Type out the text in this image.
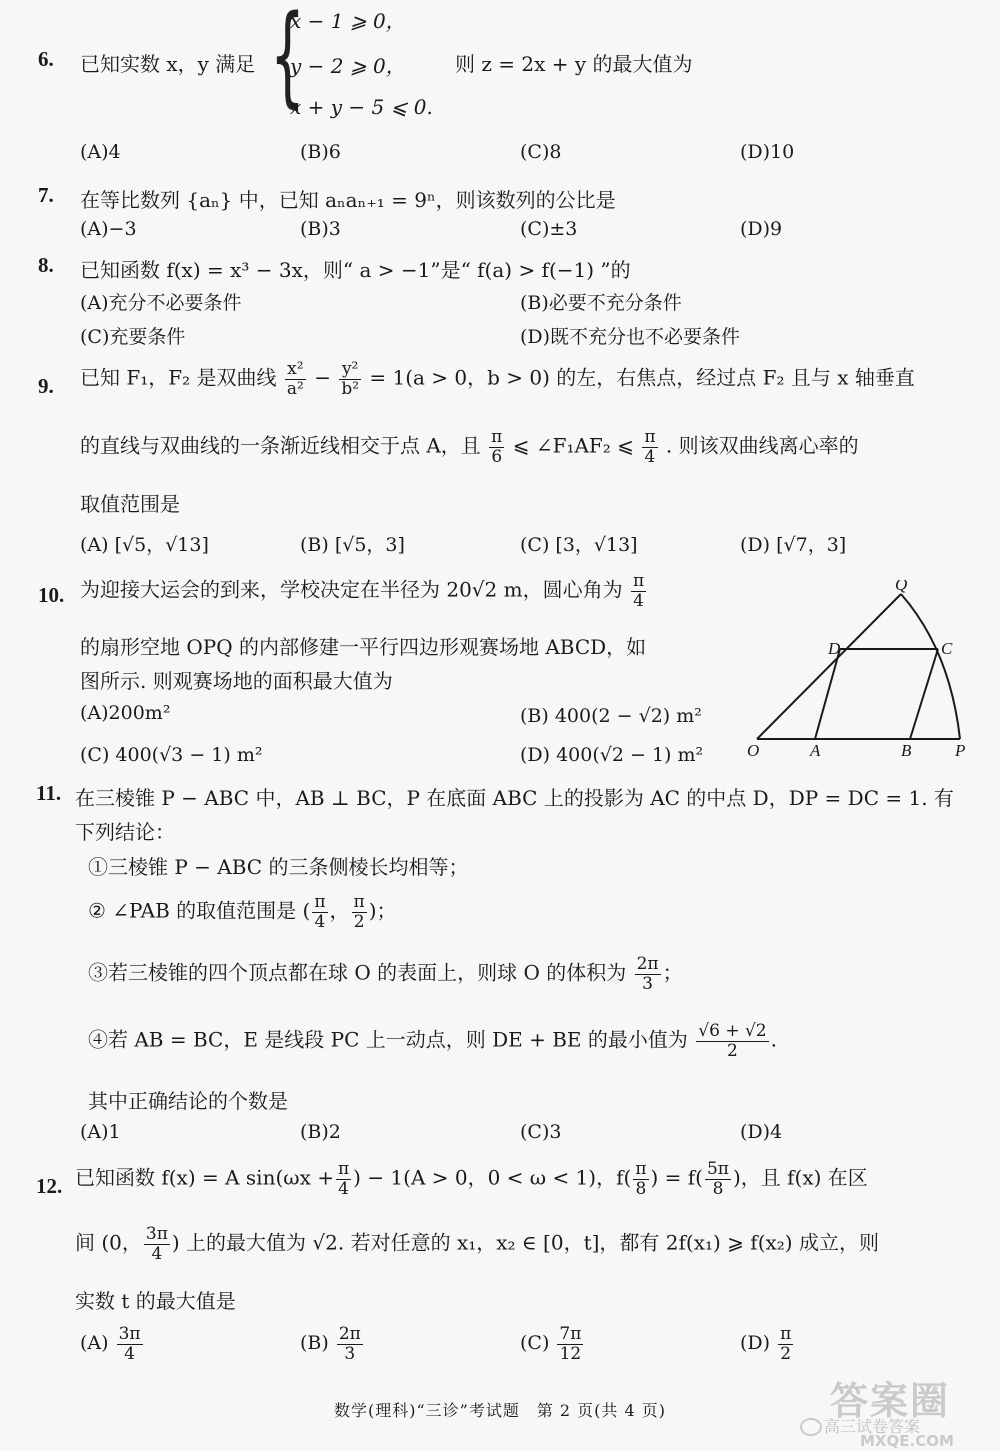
6. 已知实数 x，y 满足 {
x − 1 ⩾ 0，
y − 2 ⩾ 0，
x + y − 5 ⩽ 0.
则 z = 2x + y 的最大值为
(A)4	(B)6	(C)8	(D)10
7. 在等比数列 {aₙ} 中，已知 aₙaₙ₊₁ = 9ⁿ，则该数列的公比是
(A)−3	(B)3	(C)±3	(D)9
8. 已知函数 f(x) = x³ − 3x，则“ a > −1”是“ f(a) > f(−1) ”的
(A)充分不必要条件	(B)必要不充分条件
(C)充要条件	(D)既不充分也不必要条件
9. 已知 F₁，F₂ 是双曲线 $\frac{\text{x²}}{\text{a²}} - \frac{\text{y²}}{\text{b²}} = 1(a > 0$，b > 0) 的左，右焦点，经过点 F₂ 且与 x 轴垂直
的直线与双曲线的一条渐近线相交于点 A，且 $\frac{\pi}{6}$ ⩽ ∠F₁AF₂ ⩽ $\frac{\pi}{4}$ . 则该双曲线离心率的
取值范围是
(A) [√5，√13]	(B) [√5，3]	(C) [3，√13]	(D) [√7，3]
10. 为迎接大运会的到来，学校决定在半径为 20√2 m，圆心角为 $\frac{\pi}{4}$
的扇形空地 OPQ 的内部修建一平行四边形观赛场地 ABCD，如
图所示. 则观赛场地的面积最大值为
(A)200m²	(B) 400(2 − √2) m²
(C) 400(√3 − 1) m²	(D) 400(√2 − 1) m²
Q
D	C
O	A	B	P
11. 在三棱锥 P − ABC 中，AB ⊥ BC，P 在底面 ABC 上的投影为 AC 的中点 D，DP = DC = 1. 有
下列结论：
①三棱锥 P − ABC 的三条侧棱长均相等；
② ∠PAB 的取值范围是 ( $\frac{\pi}{4}$ ， $\frac{\pi}{2}$ )；
③若三棱锥的四个顶点都在球 O 的表面上，则球 O 的体积为 $\frac{2\pi}{3}$ ；
④若 AB = BC，E 是线段 PC 上一动点，则 DE + BE 的最小值为 $\frac{√6 + √2}{2}$ .
其中正确结论的个数是
(A)1	(B)2	(C)3	(D)4
12. 已知函数 f(x) = A $\sin(\omega x + \frac{\pi}{4}$ ) − 1(A > 0，0 < ω < 1)，$f( \frac{\pi}{8}$ ) = $f( \frac{5\pi}{8}$ )，且 f(x) 在区
间 (0， $\frac{3\pi}{4}$ ) 上的最大值为 √2. 若对任意的 x₁，x₂ ∈ [0，t]，都有 2f(x₁) ⩾ f(x₂) 成立，则
实数 t 的最大值是
$(A) \frac{3\pi}{4}$	$(B) \frac{2\pi}{3}$	$(C) \frac{7\pi}{12}$	$(D) \frac{\pi}{2}$
数学(理科)“三诊”考试题　第 2 页(共 4 页)	答案圈
高三试卷答案
MXQE.COM
